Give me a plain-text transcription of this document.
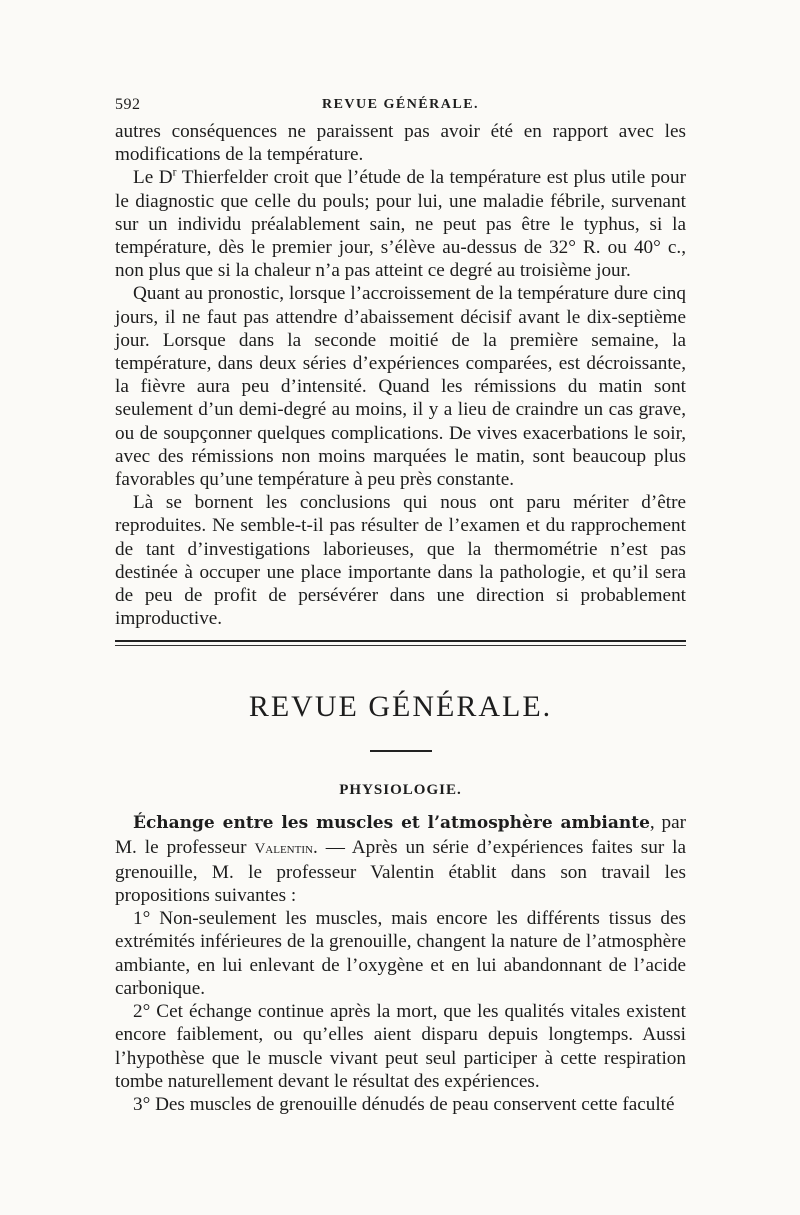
592	REVUE GÉNÉRALE.

autres conséquences ne paraissent pas avoir été en rapport avec les modifications de la température.

Le $D^r$ Thierfelder croit que l’étude de la température est plus utile pour le diagnostic que celle du pouls; pour lui, une maladie fébrile, survenant sur un individu préalablement sain, ne peut pas être le typhus, si la température, dès le premier jour, s’élève au-dessus de 32° R. ou 40° c., non plus que si la chaleur n’a pas atteint ce degré au troisième jour.

Quant au pronostic, lorsque l’accroissement de la température dure cinq jours, il ne faut pas attendre d’abaissement décisif avant le dix-septième jour. Lorsque dans la seconde moitié de la première semaine, la température, dans deux séries d’expériences comparées, est décroissante, la fièvre aura peu d’intensité. Quand les rémissions du matin sont seulement d’un demi-degré au moins, il y a lieu de craindre un cas grave, ou de soupçonner quelques complications. De vives exacerbations le soir, avec des rémissions non moins marquées le matin, sont beaucoup plus favorables qu’une température à peu près constante.

Là se bornent les conclusions qui nous ont paru mériter d’être reproduites. Ne semble-t-il pas résulter de l’examen et du rapprochement de tant d’investigations laborieuses, que la thermométrie n’est pas destinée à occuper une place importante dans la pathologie, et qu’il sera de peu de profit de persévérer dans une direction si probablement improductive.

REVUE GÉNÉRALE.
PHYSIOLOGIE.

Échange entre les muscles et l’atmosphère ambiante, par M. le professeur Valentin. — Après un série d’expériences faites sur la grenouille, M. le professeur Valentin établit dans son travail les propositions suivantes :

1° Non-seulement les muscles, mais encore les différents tissus des extrémités inférieures de la grenouille, changent la nature de l’atmosphère ambiante, en lui enlevant de l’oxygène et en lui abandonnant de l’acide carbonique.

2° Cet échange continue après la mort, que les qualités vitales existent encore faiblement, ou qu’elles aient disparu depuis longtemps. Aussi l’hypothèse que le muscle vivant peut seul participer à cette respiration tombe naturellement devant le résultat des expériences.

3° Des muscles de grenouille dénudés de peau conservent cette faculté
